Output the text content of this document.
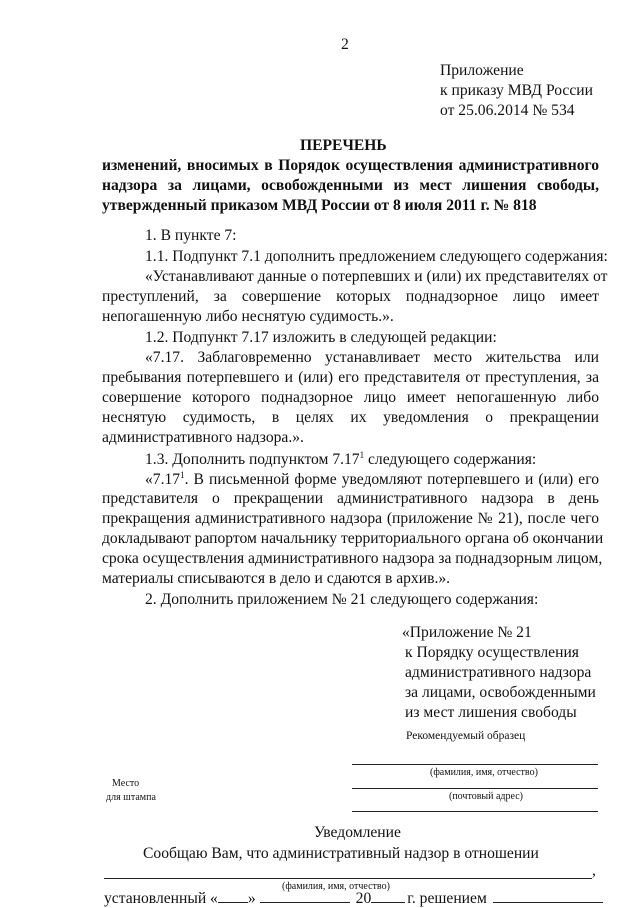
2
Приложение
к приказу МВД России
от 25.06.2014 № 534
ПЕРЕЧЕНЬ
изменений, вносимых в Порядок осуществления административного
надзора за лицами, освобожденными из мест лишения свободы,
утвержденный приказом МВД России от 8 июля 2011 г. № 818
1. В пункте 7:
1.1. Подпункт 7.1 дополнить предложением следующего содержания:
«Устанавливают данные о потерпевших и (или) их представителях от
преступлений, за совершение которых поднадзорное лицо имеет
непогашенную либо неснятую судимость.».
1.2. Подпункт 7.17 изложить в следующей редакции:
«7.17. Заблаговременно устанавливает место жительства или
пребывания потерпевшего и (или) его представителя от преступления, за
совершение которого поднадзорное лицо имеет непогашенную либо
неснятую судимость, в целях их уведомления о прекращении
административного надзора.».
1.3. Дополнить подпунктом 7.17$^1$ следующего содержания:
«7.17$^1$. В письменной форме уведомляют потерпевшего и (или) его
представителя о прекращении административного надзора в день
прекращения административного надзора (приложение № 21), после чего
докладывают рапортом начальнику территориального органа об окончании
срока осуществления административного надзора за поднадзорным лицом,
материалы списываются в дело и сдаются в архив.».
2. Дополнить приложением № 21 следующего содержания:
«Приложение № 21
к Порядку осуществления
административного надзора
за лицами, освобожденными
из мест лишения свободы
Рекомендуемый образец
(фамилия, имя, отчество)
Место
для штампа	(почтовый адрес)
Уведомление
Сообщаю Вам, что административный надзор в отношении
,
(фамилия, имя, отчество)
установленный « »	20 г. решением
